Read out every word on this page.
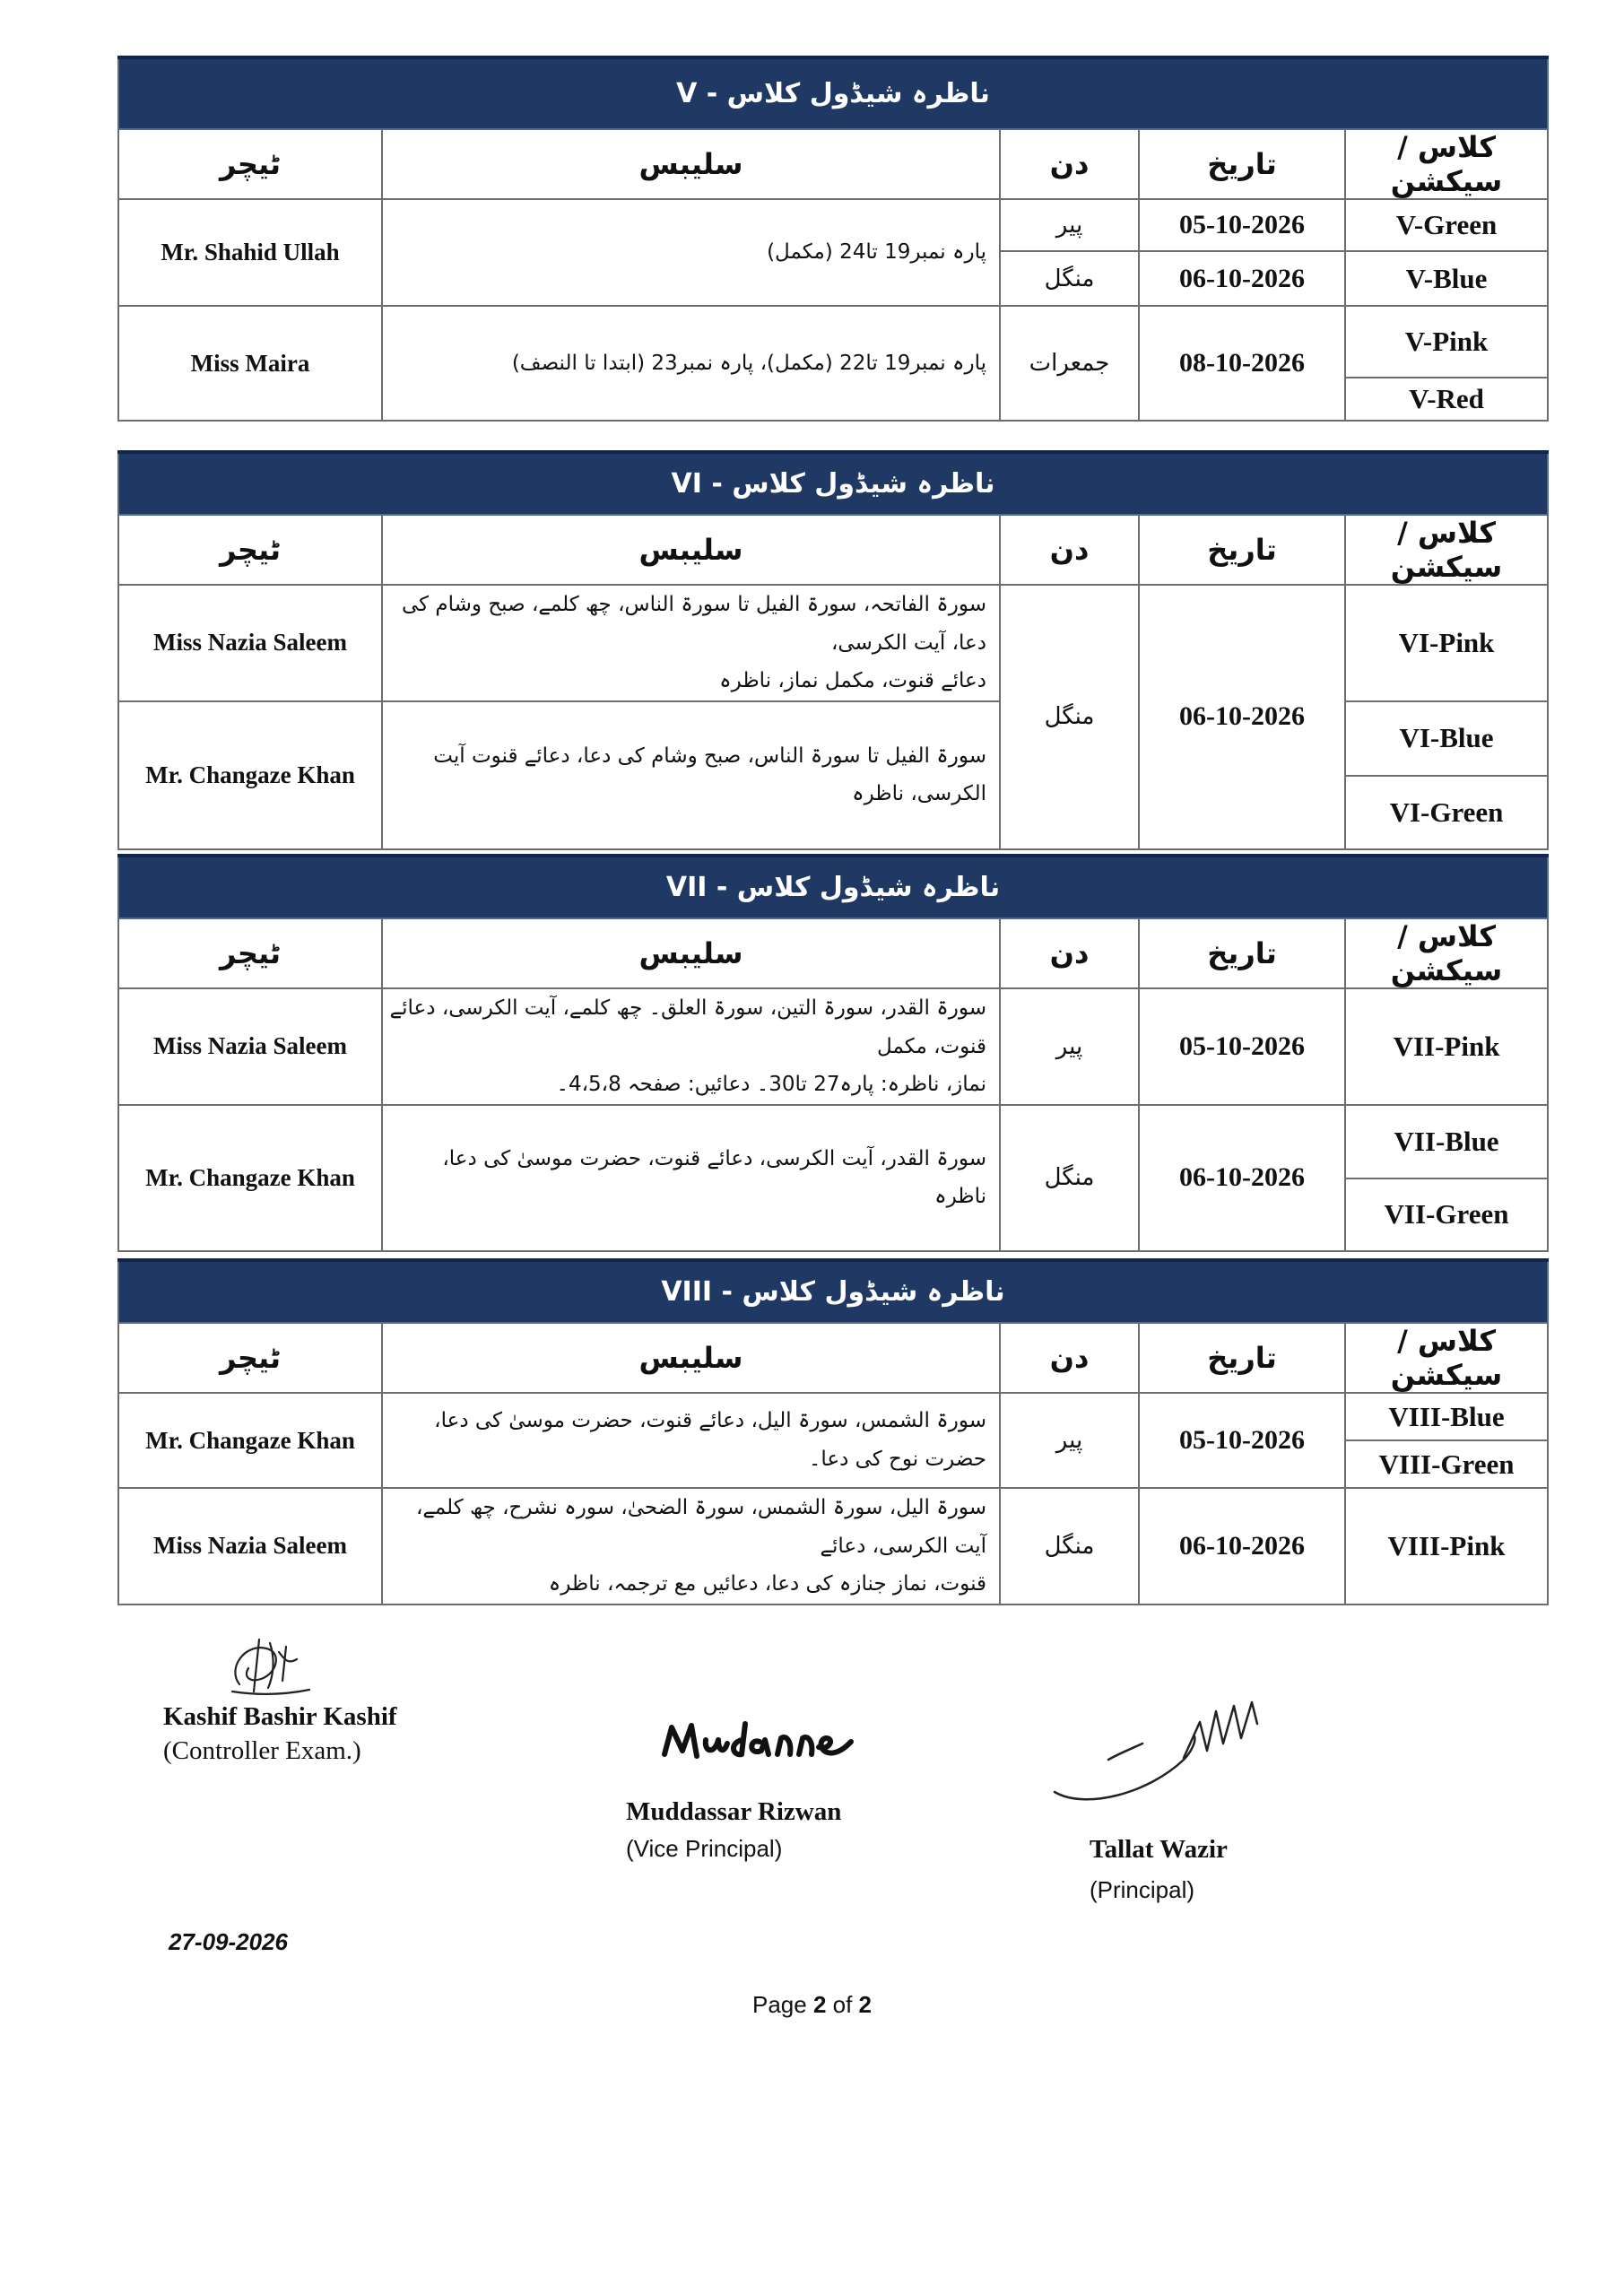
ناظرہ شیڈول کلاس - V				
ٹیچر	سلیبس	دن	تاریخ	کلاس / سیکشن
Mr. Shahid Ullah	پارہ نمبر19 تا24 (مکمل)	پیر	05-10-2026	V-Green
		منگل	06-10-2026	V-Blue
Miss Maira	پارہ نمبر19 تا22 (مکمل)، پارہ نمبر23 (ابتدا تا النصف)	جمعرات	08-10-2026	V-Pink
				V-Red
ناظرہ شیڈول کلاس - VI				
ٹیچر	سلیبس	دن	تاریخ	کلاس / سیکشن
Miss Nazia Saleem	سورۃ الفاتحہ، سورۃ الفیل تا سورۃ الناس، چھ کلمے، صبح وشام کی دعا، آیت الکرسی،
دعائے قنوت، مکمل نماز، ناظرہ	منگل	06-10-2026	VI-Pink
Mr. Changaze Khan	سورۃ الفیل تا سورۃ الناس، صبح وشام کی دعا، دعائے قنوت آیت الکرسی، ناظرہ			VI-Blue
				VI-Green
ناظرہ شیڈول کلاس - VII				
ٹیچر	سلیبس	دن	تاریخ	کلاس / سیکشن
Miss Nazia Saleem	سورۃ القدر، سورۃ التین، سورۃ العلق۔ چھ کلمے، آیت الکرسی، دعائے قنوت، مکمل
نماز، ناظرہ: پارہ27 تا30۔ دعائیں: صفحہ 4،5،8۔	پیر	05-10-2026	VII-Pink
Mr. Changaze Khan	سورۃ القدر، آیت الکرسی، دعائے قنوت، حضرت موسیٰ کی دعا، ناظرہ	منگل	06-10-2026	VII-Blue
				VII-Green
ناظرہ شیڈول کلاس - VIII				
ٹیچر	سلیبس	دن	تاریخ	کلاس / سیکشن
Mr. Changaze Khan	سورۃ الشمس، سورۃ الیل، دعائے قنوت، حضرت موسیٰ کی دعا، حضرت نوح کی دعا۔	پیر	05-10-2026	VIII-Blue
				VIII-Green
Miss Nazia Saleem	سورۃ الیل، سورۃ الشمس، سورۃ الضحیٰ، سورہ نشرح، چھ کلمے، آیت الکرسی، دعائے
قنوت، نماز جنازہ کی دعا، دعائیں مع ترجمہ، ناظرہ	منگل	06-10-2026	VIII-Pink
Kashif Bashir Kashif
(Controller Exam.)
Muddassar Rizwan
(Vice Principal)	Tallat Wazir
(Principal)
27-09-2026
Page 2 of 2
